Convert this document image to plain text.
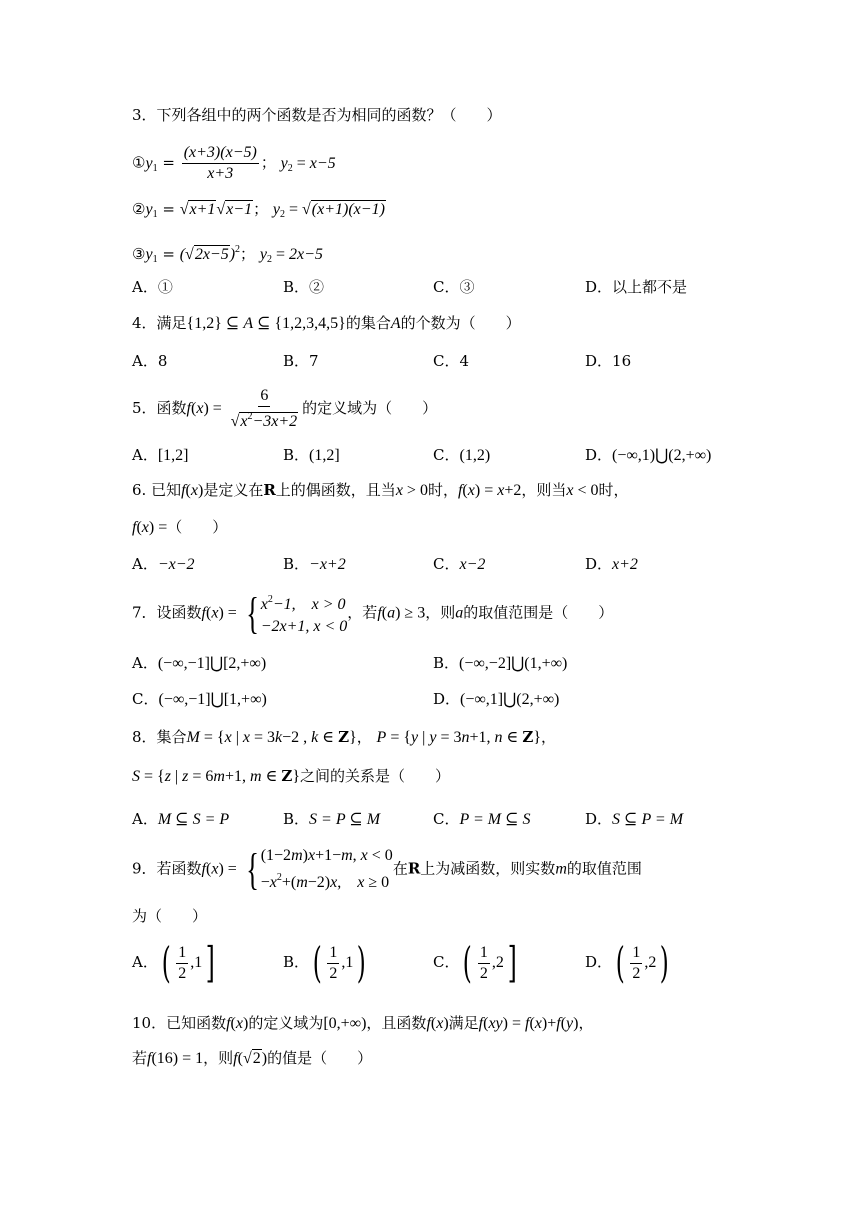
3．下列各组中的两个函数是否为相同的函数？（　　）
$①y_1 = \frac{(x+3)(x-5)}{x+3}$ ； $y_2 = x-5$
$②y_1 = √x+1√x-1$； $y_2 = √(x+1)(x-1)$
$③y_1 = (√2x-5)^2$； $y_2 = 2x-5$
A．①	B．②	C．③	D．以上都不是
4．满足{1,2} ⊆ A ⊆ {1,2,3,4,5}的集合A的个数为（　　）
A．8	B．7	C．4	D．16
5．函数$f(x) = \frac{6}{√x^2-3x+2}$ 的定义域为（　　）
A．[1,2]	B．(1,2]	C．(1,2)	D．(−∞,1)⋃(2,+∞)
6. 已知f(x)是定义在R上的偶函数，且当x > 0时，f(x) = x+2，则当x < 0时，
f(x) =（　　）
A．−x−2	B．−x+2	C．x−2	D．x+2
7．设函数f(x) = { $x^2-1$,    x > 0
−2x+1, x < 0
，若f(a) ≥ 3，则a的取值范围是（　　）
A．(−∞,−1]⋃[2,+∞)	B．(−∞,−2]⋃(1,+∞)
C．(−∞,−1]⋃[1,+∞)	D．(−∞,1]⋃(2,+∞)
8．集合M = {x | x = 3k−2 , k ∈ Z}， P = {y | y = 3n+1, n ∈ Z}，
S = {z | z = 6m+1, m ∈ Z}之间的关系是（　　）
A．M ⊆ S = P	B．S = P ⊆ M	C．P = M ⊆ S	D．S ⊆ P = M
9．若函数f(x) = { (1−2m)x+1−m, x < 0
$-x^2+(m-2)x$,    x ≥ 0
在R上为减函数，则实数m的取值范围
为（　　）
A．( $\frac{1}{2} ,1$]	B．( $\frac{1}{2} ,1$)	C．( $\frac{1}{2} ,2$]	D．( $\frac{1}{2} ,2$)
10．已知函数f(x)的定义域为[0,+∞)，且函数f(x)满足f(xy) = f(x)+f(y)，
若f(16) = 1，则f(√2)的值是（　　）
